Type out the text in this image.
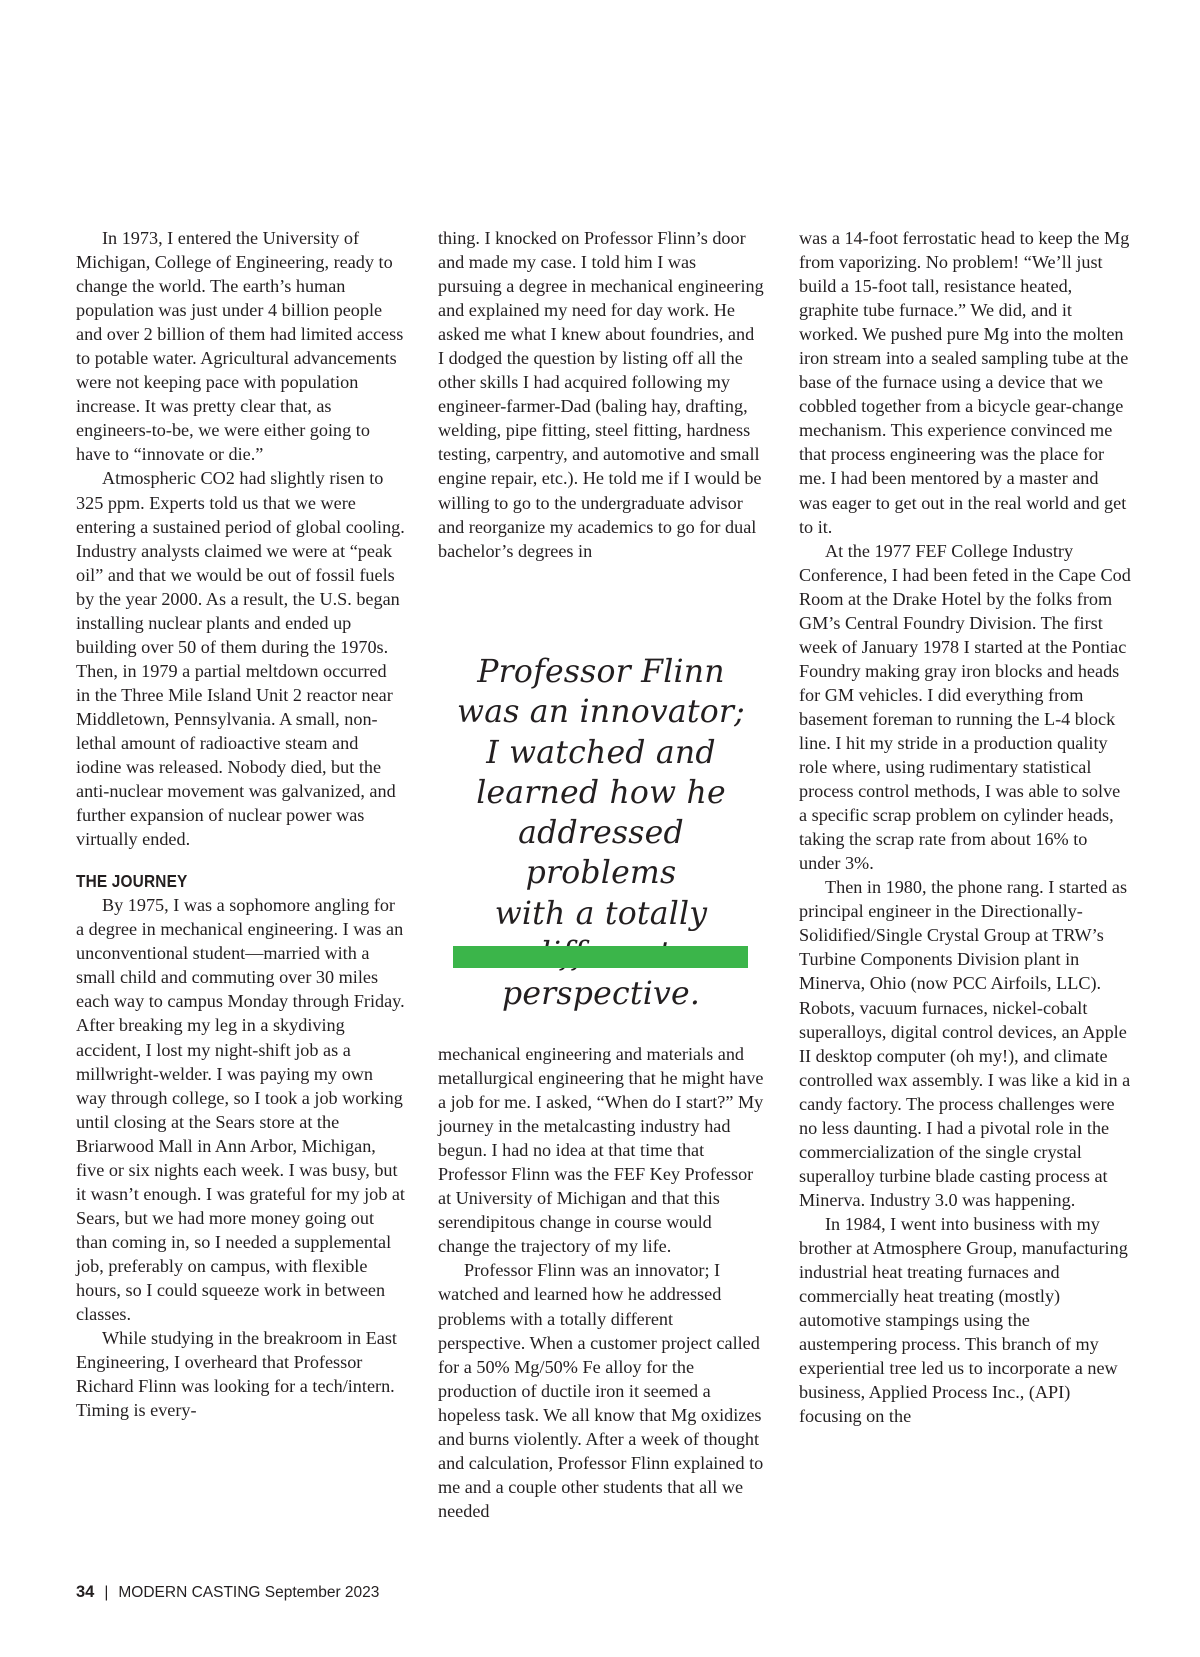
In 1973, I entered the University of Michigan, College of Engineering, ready to change the world. The earth’s human population was just under 4 billion people and over 2 billion of them had limited access to potable water. Agricultural advancements were not keeping pace with population increase. It was pretty clear that, as engineers-to-be, we were either going to have to “innovate or die.”

Atmospheric CO2 had slightly risen to 325 ppm. Experts told us that we were entering a sustained period of global cooling. Industry analysts claimed we were at “peak oil” and that we would be out of fossil fuels by the year 2000. As a result, the U.S. began installing nuclear plants and ended up building over 50 of them during the 1970s. Then, in 1979 a partial meltdown occurred in the Three Mile Island Unit 2 reactor near Middletown, Pennsylvania. A small, non-lethal amount of radioactive steam and iodine was released. Nobody died, but the anti-nuclear movement was galvanized, and further expansion of nuclear power was virtually ended.

THE JOURNEY

By 1975, I was a sophomore angling for a degree in mechanical engineering. I was an unconventional student—married with a small child and commuting over 30 miles each way to campus Monday through Friday. After breaking my leg in a skydiving accident, I lost my night-shift job as a millwright-welder. I was paying my own way through college, so I took a job working until closing at the Sears store at the Briarwood Mall in Ann Arbor, Michigan, five or six nights each week. I was busy, but it wasn’t enough. I was grateful for my job at Sears, but we had more money going out than coming in, so I needed a supplemental job, preferably on campus, with flexible hours, so I could squeeze work in between classes.

While studying in the breakroom in East Engineering, I overheard that Professor Richard Flinn was looking for a tech/intern. Timing is every-

thing. I knocked on Professor Flinn’s door and made my case. I told him I was pursuing a degree in mechanical engineering and explained my need for day work. He asked me what I knew about foundries, and I dodged the question by listing off all the other skills I had acquired following my engineer-farmer-Dad (baling hay, drafting, welding, pipe fitting, steel fitting, hardness testing, carpentry, and automotive and small engine repair, etc.). He told me if I would be willing to go to the undergraduate advisor and reorganize my academics to go for dual bachelor’s degrees in

Professor Flinn
was an innovator;
I watched and
learned how he
addressed problems
with a totally
perspective.

mechanical engineering and materials and metallurgical engineering that he might have a job for me. I asked, “When do I start?” My journey in the metalcasting industry had begun. I had no idea at that time that Professor Flinn was the FEF Key Professor at University of Michigan and that this serendipitous change in course would change the trajectory of my life.

Professor Flinn was an innovator; I watched and learned how he addressed problems with a totally different perspective. When a customer project called for a 50% Mg/50% Fe alloy for the production of ductile iron it seemed a hopeless task. We all know that Mg oxidizes and burns violently. After a week of thought and calculation, Professor Flinn explained to me and a couple other students that all we needed

was a 14-foot ferrostatic head to keep the Mg from vaporizing. No problem! “We’ll just build a 15-foot tall, resistance heated, graphite tube furnace.” We did, and it worked. We pushed pure Mg into the molten iron stream into a sealed sampling tube at the base of the furnace using a device that we cobbled together from a bicycle gear-change mechanism. This experience convinced me that process engineering was the place for me. I had been mentored by a master and was eager to get out in the real world and get to it.

At the 1977 FEF College Industry Conference, I had been feted in the Cape Cod Room at the Drake Hotel by the folks from GM’s Central Foundry Division. The first week of January 1978 I started at the Pontiac Foundry making gray iron blocks and heads for GM vehicles. I did everything from basement foreman to running the L-4 block line. I hit my stride in a production quality role where, using rudimentary statistical process control methods, I was able to solve a specific scrap problem on cylinder heads, taking the scrap rate from about 16% to under 3%.

Then in 1980, the phone rang. I started as principal engineer in the Directionally-Solidified/Single Crystal Group at TRW’s Turbine Components Division plant in Minerva, Ohio (now PCC Airfoils, LLC). Robots, vacuum furnaces, nickel-cobalt superalloys, digital control devices, an Apple II desktop computer (oh my!), and climate controlled wax assembly. I was like a kid in a candy factory. The process challenges were no less daunting. I had a pivotal role in the commercialization of the single crystal superalloy turbine blade casting process at Minerva. Industry 3.0 was happening.

In 1984, I went into business with my brother at Atmosphere Group, manufacturing industrial heat treating furnaces and commercially heat treating (mostly) automotive stampings using the austempering process. This branch of my experiential tree led us to incorporate a new business, Applied Process Inc., (API) focusing on the

34 | MODERN CASTING September 2023
